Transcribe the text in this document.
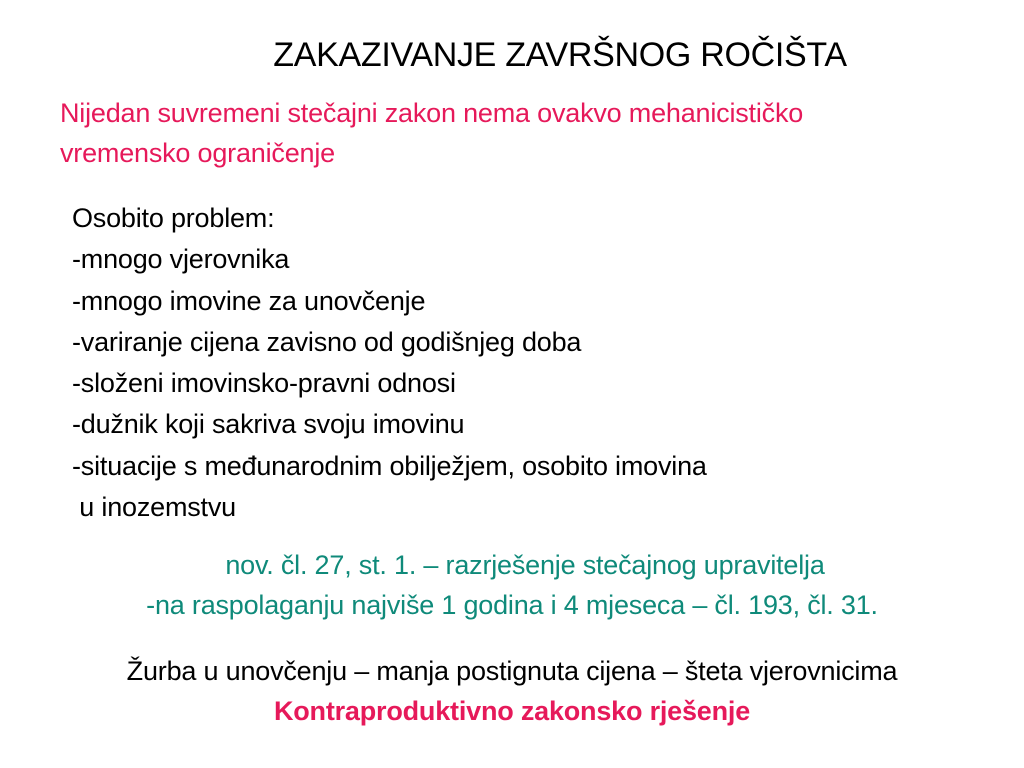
ZAKAZIVANJE ZAVRŠNOG ROČIŠTA
Nijedan suvremeni stečajni zakon nema ovakvo mehanicističko
vremensko ograničenje
Osobito problem:
-mnogo vjerovnika
-mnogo imovine za unovčenje
-variranje cijena zavisno od godišnjeg doba
-složeni imovinsko-pravni odnosi
-dužnik koji sakriva svoju imovinu
-situacije s međunarodnim obilježjem, osobito imovina
u inozemstvu
nov. čl. 27, st. 1. – razrješenje stečajnog upravitelja
-na raspolaganju najviše 1 godina i 4 mjeseca – čl. 193, čl. 31.
Žurba u unovčenju – manja postignuta cijena – šteta vjerovnicima
Kontraproduktivno zakonsko rješenje
